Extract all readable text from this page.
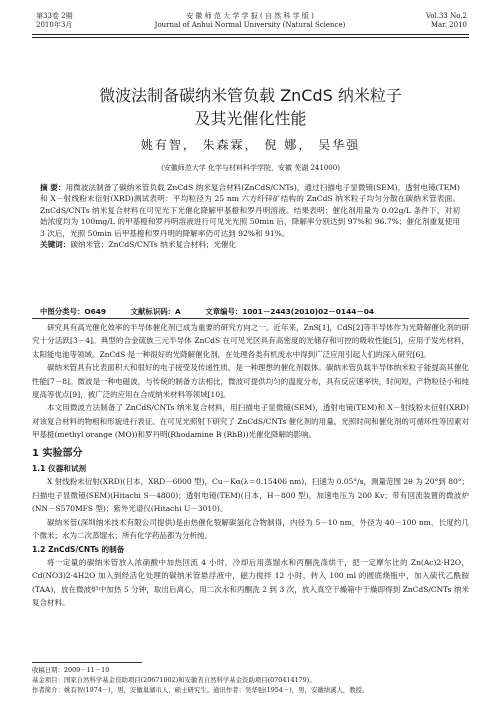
第33卷 2期
2010年3月
安 徽 师 范 大 学 学 报 ( 自 然 科 学 版 )
Journal of Anhui Normal University (Natural Science)
Vol.33 No.2
Mar. 2010
微波法制备碳纳米管负载 ZnCdS 纳米粒子
及其光催化性能
姚有智， 朱森霖， 倪 娜， 吴华强
(安徽师范大学 化学与材料科学学院，安徽 芜湖 241000)

摘 要：用微波法制备了碳纳米管负载 ZnCdS 纳米复合材料(ZnCdS/CNTs)，通过扫描电子显微镜(SEM)，透射电镜(TEM)和 X－射线粉末衍射(XRD)测试表明：平均粒径为 25 nm 六方纤锌矿结构的 ZnCdS 纳米粒子均匀分散在碳纳米管表面。ZnCdS/CNTs 纳米复合材料在可见光下光催化降解甲基橙和罗丹明溶液。结果表明：催化剂用量为 0.02g/L 条件下，对初始浓度均为 100mg/L 的甲基橙和罗丹明溶液进行可见光光照 50min 后，降解率分别达到 97%和 96.7%；催化剂重复使用 3 次后，光照 50min 后甲基橙和罗丹明的降解率仍可达到 92%和 91%。

关键词：碳纳米管；ZnCdS/CNTs 纳米复合材料；光催化

中图分类号：O649	文献标识码：A	文章编号：1001－2443(2010)02－0144－04

研究具有高光催化效率的半导体催化剂已成为重要的研究方向之一。近年来，ZnS[1]，CdS[2]等半导体作为光降解催化剂的研究十分活跃[3－4]。典型的合金硫族三元半导体 ZnCdS 在可见光区具有高密度的光储存和可控的吸收性能[5]，应用于发光材料，太阳能电池等领域。ZnCdS 是一种很好的光降解催化剂，在处理各类有机废水中得到广泛应用引起人们的深入研究[6]。

碳纳米管具有比表面积大和很好的电子接受及传递性质，是一种理想的催化剂载体。碳纳米管负载半导体纳米粒子能提高其催化性能[7－8]。微波是一种电磁波，与传统的制备方法相比，微波可提供均匀的温度分布，具有反应速率快，时间短，产物粒径小和纯度高等优点[9]，被广泛的应用在合成纳米材料等领域[10]。

本文用微波方法制备了 ZnCdS/CNTs 纳米复合材料，用扫描电子显微镜(SEM)，透射电镜(TEM)和 X－射线粉末衍射(XRD)对该复合材料的物相和形貌进行表征。在可见光照射下研究了 ZnCdS/CNTs 催化剂的用量，光照时间和催化剂的可循环性等因素对甲基橙(methyl orange (MO))和罗丹明(Rhodamine B (RhB))光催化降解的影响。

1 实验部分
1.1 仪器和试剂

X 射线粉末衍射(XRD)(日本，XRD－6000 型)，Cu－Kα(λ＝0.15406 nm)，扫速为 0.05°/s，测量范围 2θ 为 20°到 80°；扫描电子显微镜(SEM)(Hitachi S－4800)；透射电镜(TEM)(日本，H－800 型)，加速电压为 200 Kv；带有回流装置的微波炉(NN－S570MFS 型)；紫外光谱仪(Hitachi U－3010)。

碳纳米管(深圳纳米技术有限公司提供)是由热催化裂解碳氢化合物制得，内径为 5－10 nm，外径为 40－100 nm，长度约几个微米；水为二次蒸馏水；所有化学药品都为分析纯。

1.2 ZnCdS/CNTs 的制备

将一定量的碳纳米管放入浓硝酸中加热回流 4 小时，冷却后用蒸馏水和丙酮洗涤烘干，把一定摩尔比的 Zn(Ac)2·H2O，Cd(NO3)2·4H2O 加入到经活化处理的碳纳米管悬浮液中，磁力搅拌 12 小时，转入 100 ml 的圆底烧瓶中，加入硫代乙酰胺(TAA)，放在微波炉中加热 5 分钟，取出后离心，用二次水和丙酮洗 2 到 3 次，放入真空干燥箱中干燥即得到 ZnCdS/CNTs 纳米复合材料。

收稿日期：2009－11－10

基金项目：国家自然科学基金资助项目(20671002)和安徽省自然科学基金资助项目(070414179)。

作者简介：姚有智(1974－)，男，安徽巢湖市人，硕士研究生。通讯作者：吴华强(1954－)，男，安徽绩溪人，教授。
